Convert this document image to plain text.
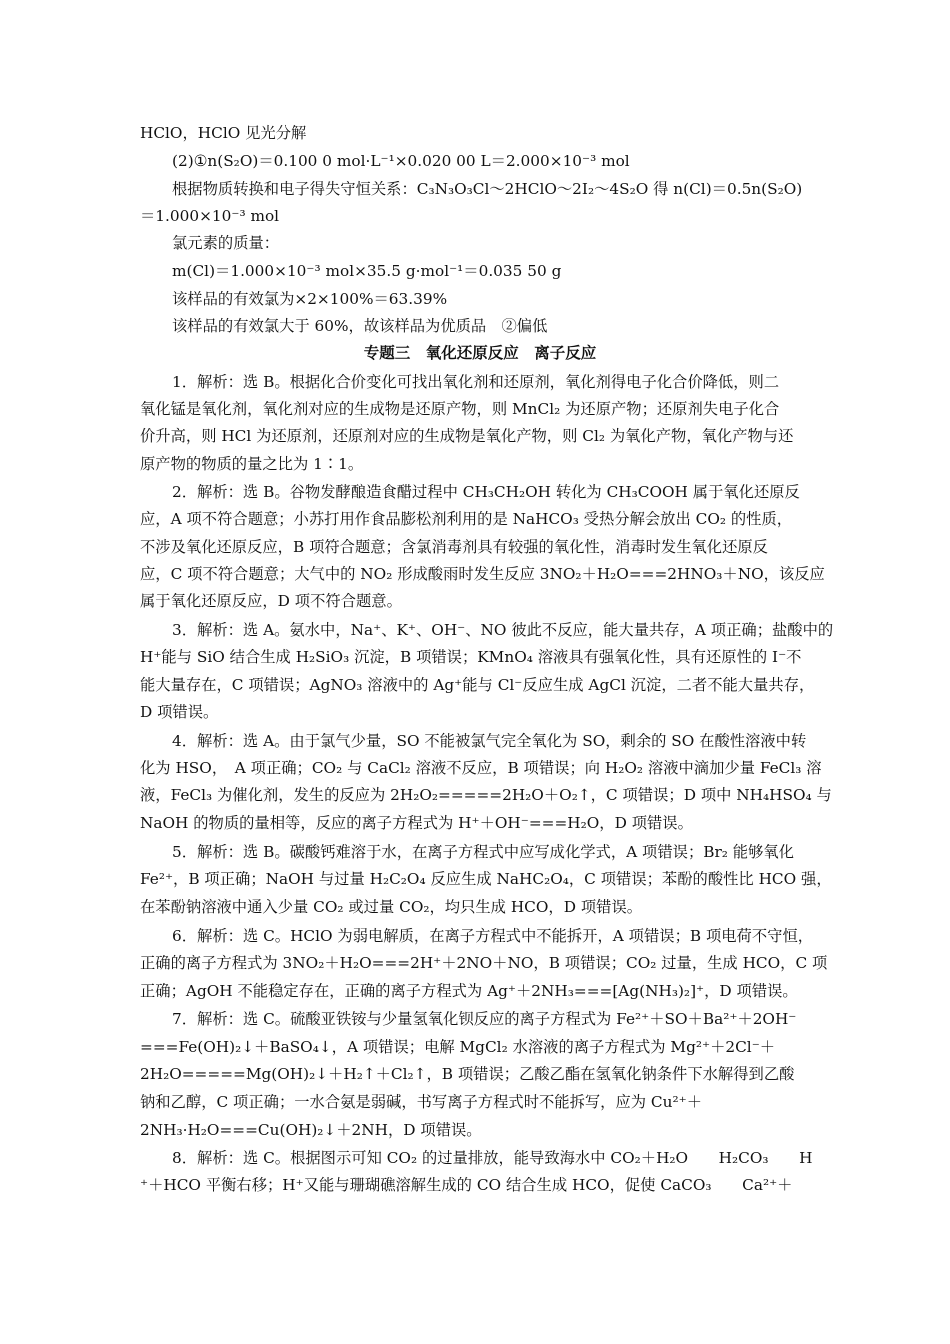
HClO，HClO 见光分解
(2)①n(S₂O)＝0.100 0 mol·L⁻¹×0.020 00 L＝2.000×10⁻³ mol
根据物质转换和电子得失守恒关系：C₃N₃O₃Cl～2HClO～2I₂～4S₂O 得 n(Cl)＝0.5n(S₂O)
＝1.000×10⁻³ mol
氯元素的质量：
m(Cl)＝1.000×10⁻³ mol×35.5 g·mol⁻¹＝0.035 50 g
该样品的有效氯为×2×100%＝63.39%
该样品的有效氯大于 60%，故该样品为优质品　②偏低
专题三　氧化还原反应　离子反应
1．解析：选 B。根据化合价变化可找出氧化剂和还原剂，氧化剂得电子化合价降低，则二
氧化锰是氧化剂，氧化剂对应的生成物是还原产物，则 MnCl₂ 为还原产物；还原剂失电子化合
价升高，则 HCl 为还原剂，还原剂对应的生成物是氧化产物，则 Cl₂ 为氧化产物，氧化产物与还
原产物的物质的量之比为 1∶1。
2．解析：选 B。谷物发酵酿造食醋过程中 CH₃CH₂OH 转化为 CH₃COOH 属于氧化还原反
应，A 项不符合题意；小苏打用作食品膨松剂利用的是 NaHCO₃ 受热分解会放出 CO₂ 的性质，
不涉及氧化还原反应，B 项符合题意；含氯消毒剂具有较强的氧化性，消毒时发生氧化还原反
应，C 项不符合题意；大气中的 NO₂ 形成酸雨时发生反应 3NO₂＋H₂O===2HNO₃＋NO，该反应
属于氧化还原反应，D 项不符合题意。
3．解析：选 A。氨水中，Na⁺、K⁺、OH⁻、NO 彼此不反应，能大量共存，A 项正确；盐酸中的
H⁺能与 SiO 结合生成 H₂SiO₃ 沉淀，B 项错误；KMnO₄ 溶液具有强氧化性，具有还原性的 I⁻不
能大量存在，C 项错误；AgNO₃ 溶液中的 Ag⁺能与 Cl⁻反应生成 AgCl 沉淀，二者不能大量共存，
D 项错误。
4．解析：选 A。由于氯气少量，SO 不能被氯气完全氧化为 SO，剩余的 SO 在酸性溶液中转
化为 HSO，　A 项正确；CO₂ 与 CaCl₂ 溶液不反应，B 项错误；向 H₂O₂ 溶液中滴加少量 FeCl₃ 溶
液，FeCl₃ 为催化剂，发生的反应为 2H₂O₂=====2H₂O＋O₂↑，C 项错误；D 项中 NH₄HSO₄ 与
NaOH 的物质的量相等，反应的离子方程式为 H⁺＋OH⁻===H₂O，D 项错误。
5．解析：选 B。碳酸钙难溶于水，在离子方程式中应写成化学式，A 项错误；Br₂ 能够氧化
Fe²⁺，B 项正确；NaOH 与过量 H₂C₂O₄ 反应生成 NaHC₂O₄，C 项错误；苯酚的酸性比 HCO 强，
在苯酚钠溶液中通入少量 CO₂ 或过量 CO₂，均只生成 HCO，D 项错误。
6．解析：选 C。HClO 为弱电解质，在离子方程式中不能拆开，A 项错误；B 项电荷不守恒，
正确的离子方程式为 3NO₂＋H₂O===2H⁺＋2NO＋NO，B 项错误；CO₂ 过量，生成 HCO，C 项
正确；AgOH 不能稳定存在，正确的离子方程式为 Ag⁺＋2NH₃===[Ag(NH₃)₂]⁺，D 项错误。
7．解析：选 C。硫酸亚铁铵与少量氢氧化钡反应的离子方程式为 Fe²⁺＋SO＋Ba²⁺＋2OH⁻
===Fe(OH)₂↓＋BaSO₄↓，A 项错误；电解 MgCl₂ 水溶液的离子方程式为 Mg²⁺＋2Cl⁻＋
2H₂O=====Mg(OH)₂↓＋H₂↑＋Cl₂↑，B 项错误；乙酸乙酯在氢氧化钠条件下水解得到乙酸
钠和乙醇，C 项正确；一水合氨是弱碱，书写离子方程式时不能拆写，应为 Cu²⁺＋
2NH₃·H₂O===Cu(OH)₂↓＋2NH，D 项错误。
8．解析：选 C。根据图示可知 CO₂ 的过量排放，能导致海水中 CO₂＋H₂O　　H₂CO₃　　H
⁺＋HCO 平衡右移；H⁺又能与珊瑚礁溶解生成的 CO 结合生成 HCO，促使 CaCO₃　　Ca²⁺＋
